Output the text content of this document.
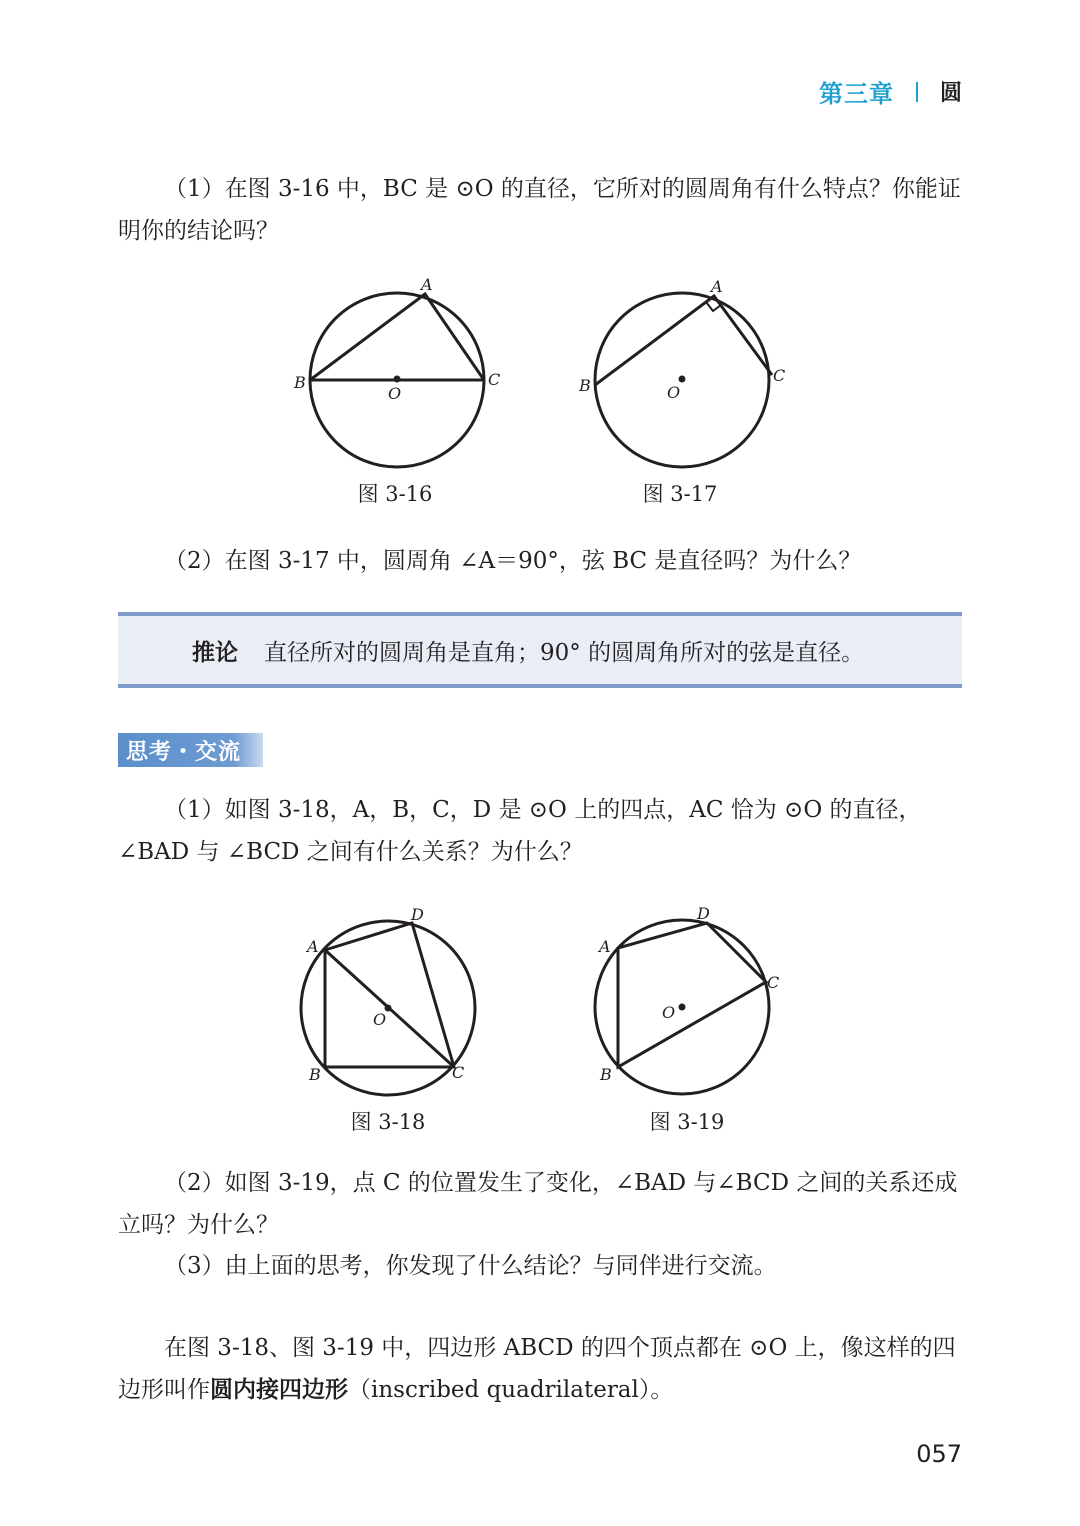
第三章 圆

（1）在图 3-16 中，BC 是 ⊙O 的直径，它所对的圆周角有什么特点？你能证明你的结论吗？

A
B	C
O
图 3-16
A
B
C
O
图 3-17

（2）在图 3-17 中，圆周角 ∠A＝90°，弦 BC 是直径吗？为什么？

推论 直径所对的圆周角是直角；90° 的圆周角所对的弦是直径。
思考・交流

（1）如图 3-18，A，B，C，D 是 ⊙O 上的四点，AC 恰为 ⊙O 的直径，∠BAD 与 ∠BCD 之间有什么关系？为什么？

A
D
B	C
O
图 3-18
A
D
C
B
O
图 3-19

（2）如图 3-19，点 C 的位置发生了变化，∠BAD 与∠BCD 之间的关系还成立吗？为什么？

（3）由上面的思考，你发现了什么结论？与同伴进行交流。

在图 3-18、图 3-19 中，四边形 ABCD 的四个顶点都在 ⊙O 上，像这样的四边形叫作圆内接四边形（inscribed quadrilateral）。

057
